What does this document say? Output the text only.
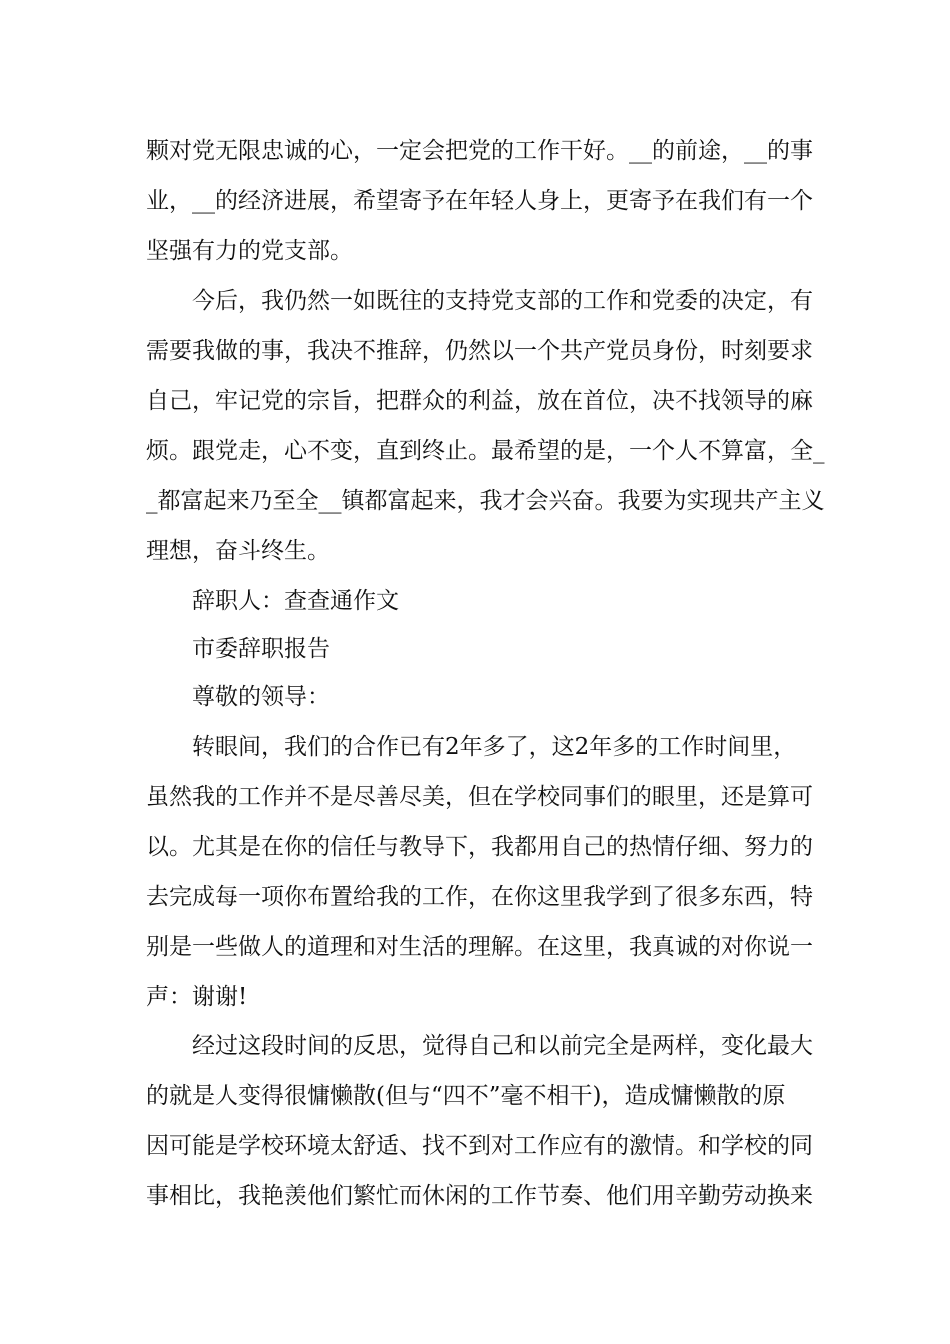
颗对党无限忠诚的心，一定会把党的工作干好。__的前途，__的事
业，__的经济进展，希望寄予在年轻人身上，更寄予在我们有一个
坚强有力的党支部。
今后，我仍然一如既往的支持党支部的工作和党委的决定，有
需要我做的事，我决不推辞，仍然以一个共产党员身份，时刻要求
自己，牢记党的宗旨，把群众的利益，放在首位，决不找领导的麻
烦。跟党走，心不变，直到终止。最希望的是，一个人不算富，全_
_都富起来乃至全__镇都富起来，我才会兴奋。我要为实现共产主义
理想，奋斗终生。
辞职人：查查通作文
市委辞职报告
尊敬的领导：
转眼间，我们的合作已有2年多了，这2年多的工作时间里，
虽然我的工作并不是尽善尽美，但在学校同事们的眼里，还是算可
以。尤其是在你的信任与教导下，我都用自己的热情仔细、努力的
去完成每一项你布置给我的工作，在你这里我学到了很多东西，特
别是一些做人的道理和对生活的理解。在这里，我真诚的对你说一
声：谢谢!
经过这段时间的反思，觉得自己和以前完全是两样，变化最大
的就是人变得很慵懒散(但与“四不”毫不相干)，造成慵懒散的原
因可能是学校环境太舒适、找不到对工作应有的激情。和学校的同
事相比，我艳羡他们繁忙而休闲的工作节奏、他们用辛勤劳动换来
